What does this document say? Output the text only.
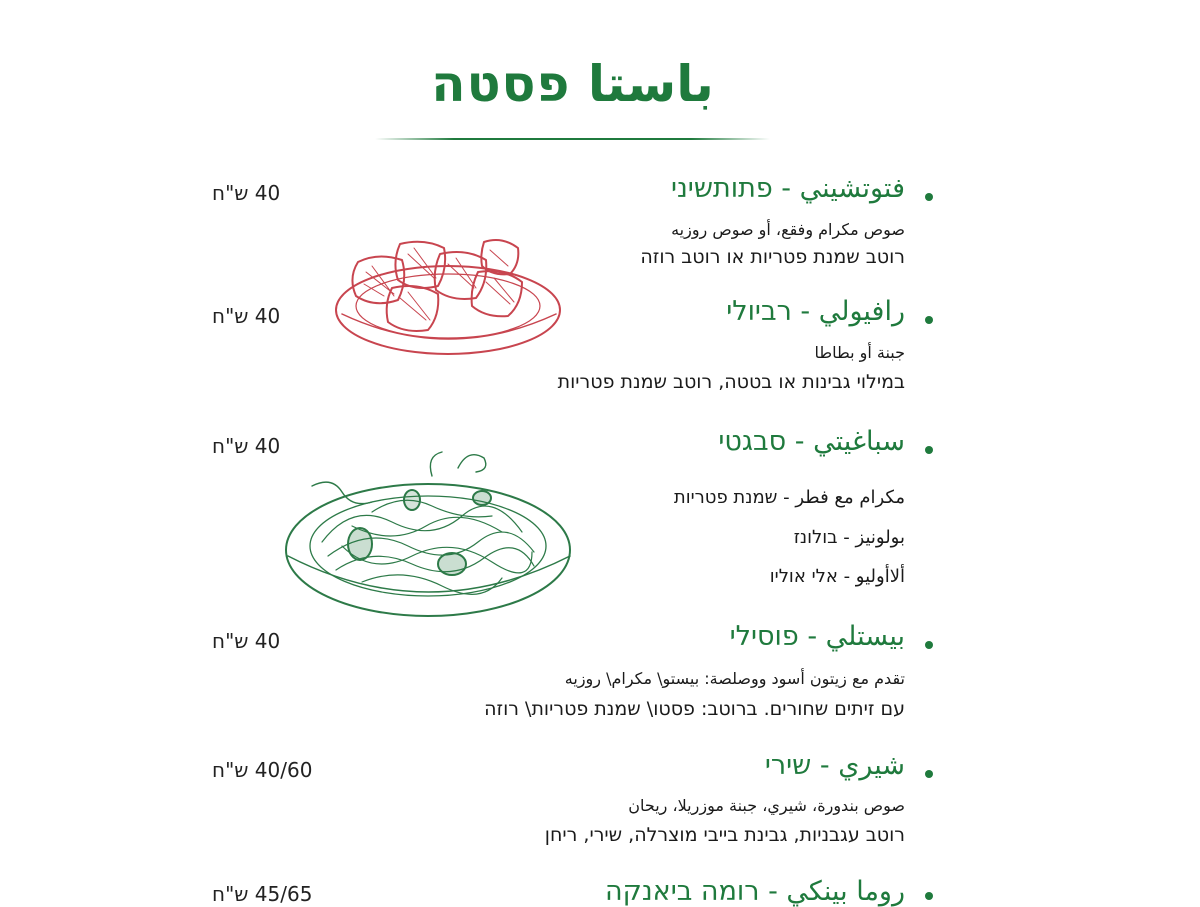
باستا פסטה
فتوتشيني - פתותשיני
40 ש"ח
صوص مكرام وفقع، أو صوص روزيه
רוטב שמנת פטריות או רוטב רוזה
رافيولي - רביולי
40 ש"ח
جبنة أو بطاطا
במילוי גבינות או בטטה, רוטב שמנת פטריות
سباغيتي - סבגטי
40 ש"ח
مكرام مع فطر - שמנת פטריות
بولونيز - בולונז
ألاأوليو - אלי אוליו
بيستلي - פוסילי
40 ש"ח
تقدم مع زيتون أسود ووصلصة: بيستو\ مكرام\ روزيه
עם זיתים שחורים. ברוטב: פסטו\ שמנת פטריות\ רוזה
شيري - שירי
40/60 ש"ח
صوص بندورة، شيري، جبنة موزريلا، ريحان
רוטב עגבניות, גבינת בייבי מוצרלה, שירי, ריחן
روما بينكي - רומה ביאנקה
45/65 ש"ח
